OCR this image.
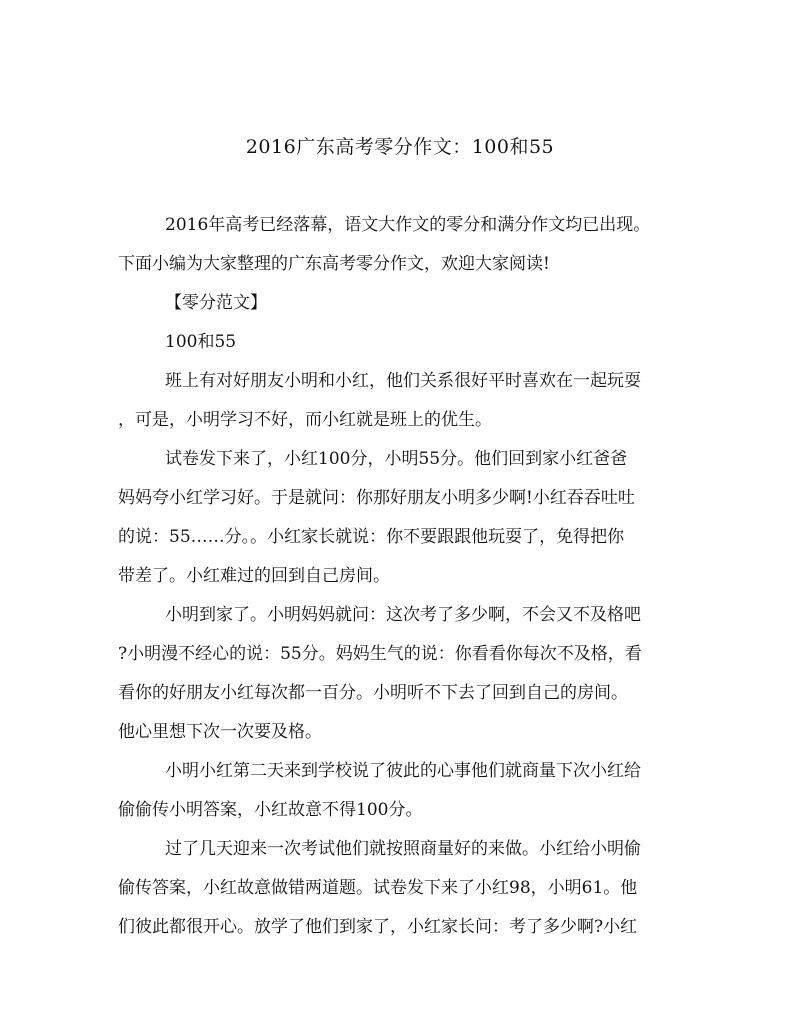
2016广东高考零分作文：100和55
2016年高考已经落幕，语文大作文的零分和满分作文均已出现。
下面小编为大家整理的广东高考零分作文，欢迎大家阅读!
【零分范文】
100和55
班上有对好朋友小明和小红，他们关系很好平时喜欢在一起玩耍
，可是，小明学习不好，而小红就是班上的优生。
试卷发下来了，小红100分，小明55分。他们回到家小红爸爸
妈妈夸小红学习好。于是就问：你那好朋友小明多少啊!小红吞吞吐吐
的说：55……分。。小红家长就说：你不要跟跟他玩耍了，免得把你
带差了。小红难过的回到自己房间。
小明到家了。小明妈妈就问：这次考了多少啊，不会又不及格吧
?小明漫不经心的说：55分。妈妈生气的说：你看看你每次不及格，看
看你的好朋友小红每次都一百分。小明听不下去了回到自己的房间。
他心里想下次一次要及格。
小明小红第二天来到学校说了彼此的心事他们就商量下次小红给
偷偷传小明答案，小红故意不得100分。
过了几天迎来一次考试他们就按照商量好的来做。小红给小明偷
偷传答案，小红故意做错两道题。试卷发下来了小红98，小明61。他
们彼此都很开心。放学了他们到家了，小红家长问：考了多少啊?小红
